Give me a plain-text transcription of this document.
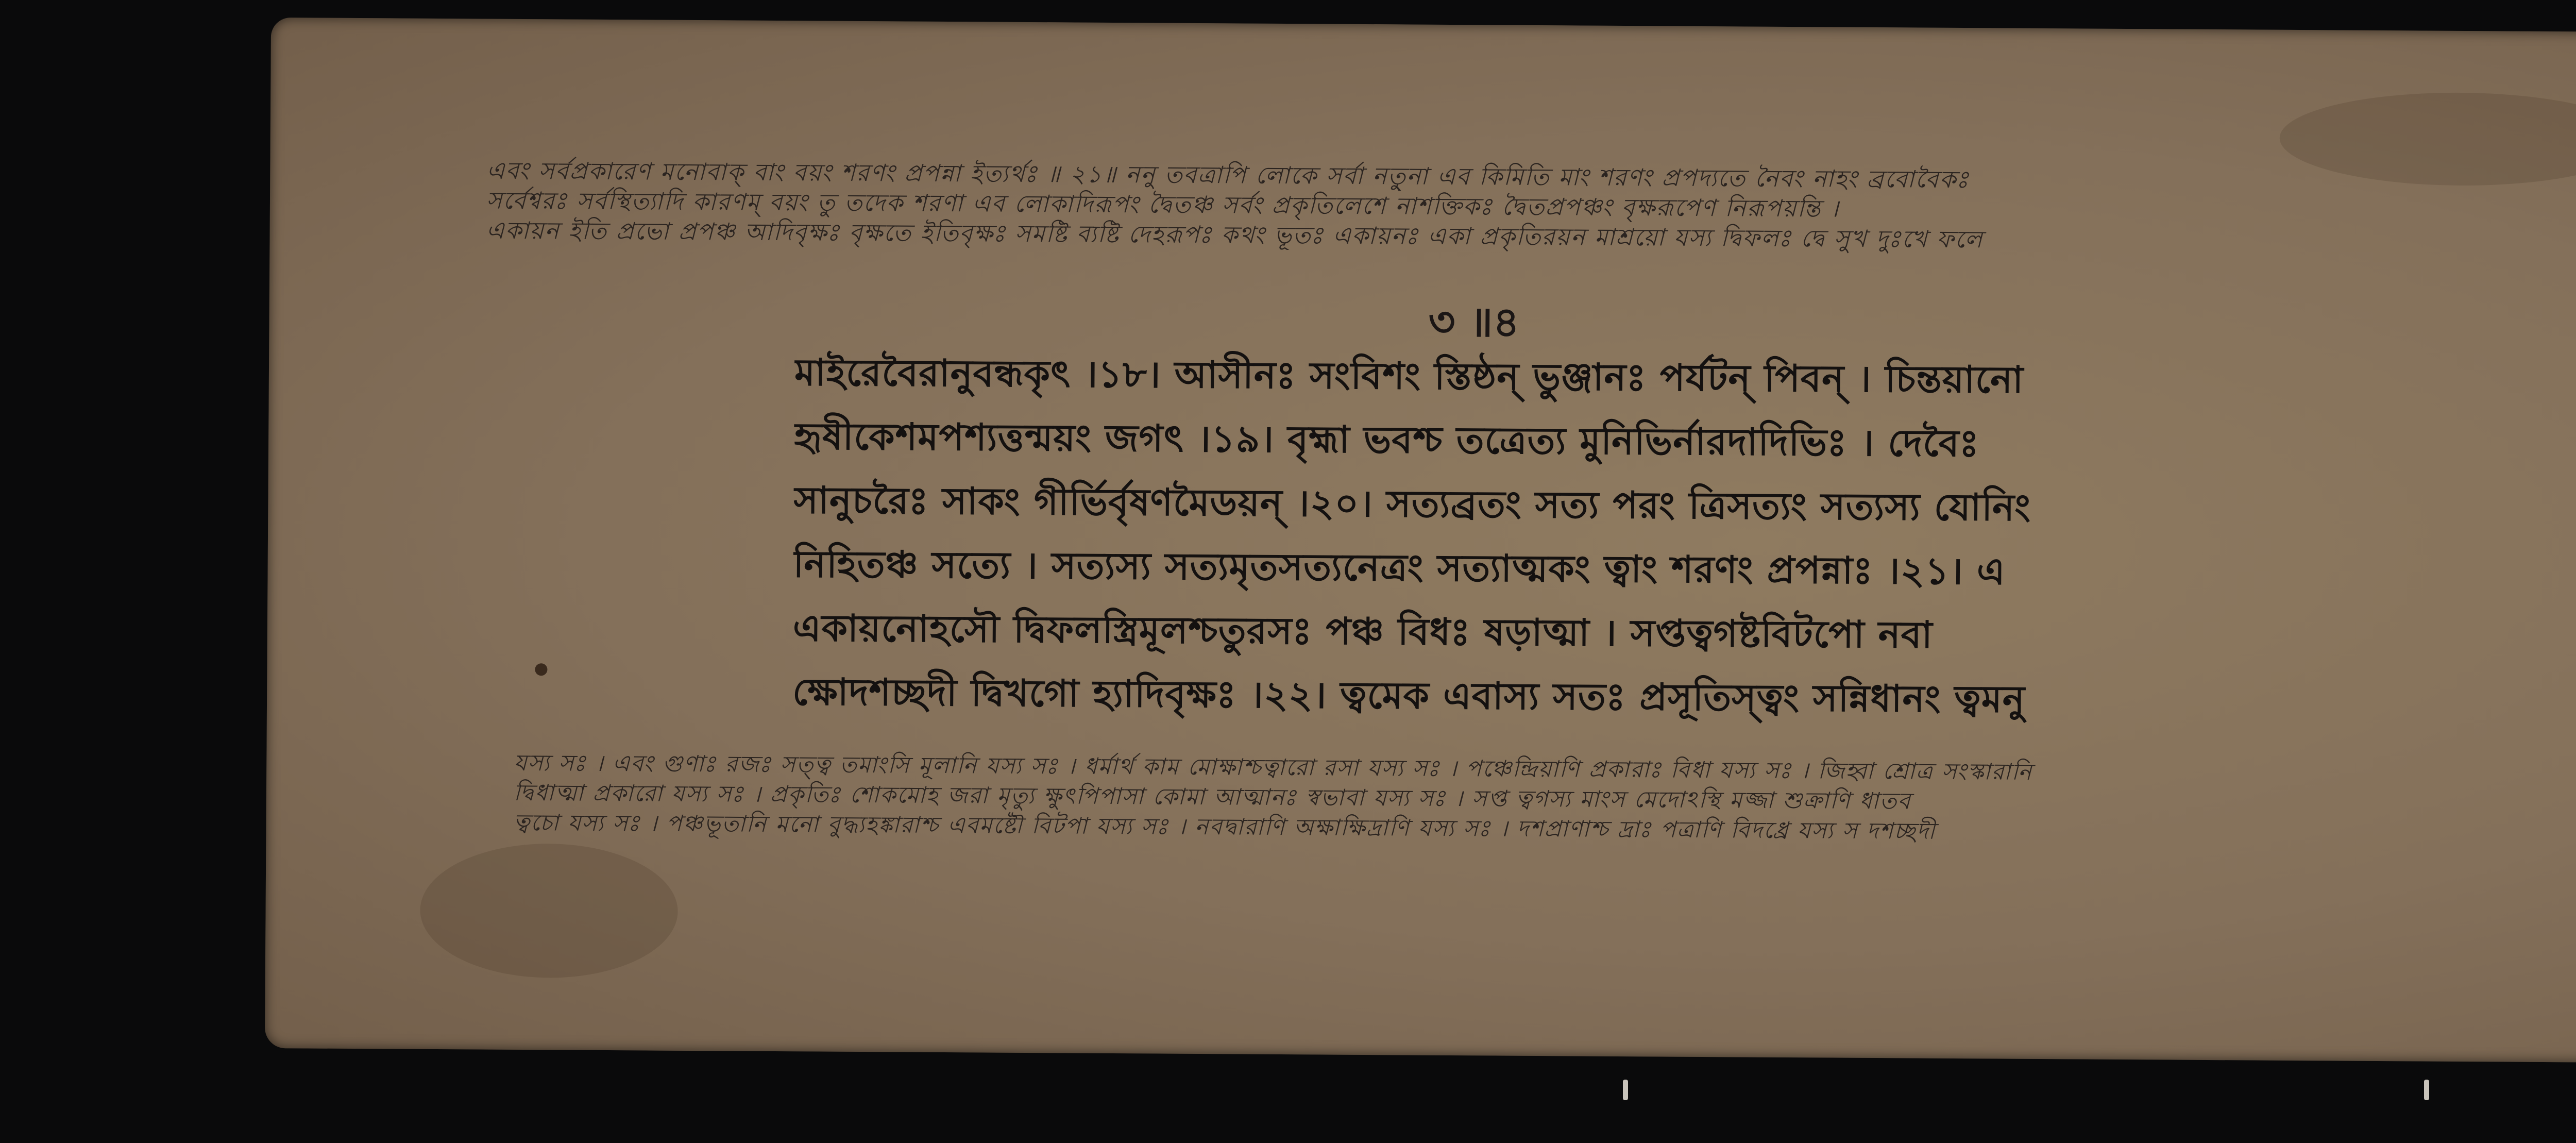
এবং সর্বপ্রকারেণ মনোবাক্‌ বাং বয়ং শরণং প্রপন্না ইত্যর্থঃ ॥ ২১॥ ননু তবত্রাপি লোকে সর্বা নতু্না এব কিমিতি মাং শরণং প্রপদ্যতে নৈবং নাহং ব্রবোবৈকঃ
সর্বেশ্বরঃ সর্বস্থিত্যাদি কারণম্‌ বয়ং তু তদেক শরণা এব লোকাদিরূপং দ্বৈতঞ্চ সর্বং প্রকৃতিলেশে নাশক্তিকঃ দ্বৈতপ্রপঞ্চং বৃক্ষরূপেণ নিরূপয়ন্তি ।
একায়ন ইতি প্রভো প্রপঞ্চ আদিবৃক্ষঃ বৃক্ষতে ইতিবৃক্ষঃ সমষ্টি ব্যষ্টি দেহরূপঃ কথং ভূতঃ একায়নঃ একা প্রকৃতিরয়ন মাশ্রয়ো যস্য দ্বিফলঃ দ্বে সুখ দুঃখে ফলে
৩ ॥৪
মাইরেবৈরানুবন্ধকৃৎ ।১৮। আসীনঃ সংবিশং স্তিষ্ঠন্‌ ভুঞ্জানঃ পর্যটন্‌ পিবন্‌ । চিন্তয়ানো
হৃষীকেশমপশ্যত্তন্ময়ং জগৎ ।১৯। বৃহ্মা ভবশ্চ তত্রেত্য মুনিভির্নারদাদিভিঃ । দেবৈঃ
সানুচরৈঃ সাকং গীর্ভির্বৃষণমৈডয়ন্‌ ।২০। সত্যব্রতং সত্য পরং ত্রিসত্যং সত্যস্য যোনিং
নিহিতঞ্চ সত্যে । সত্যস্য সত্যমৃতসত্যনেত্রং সত্যাত্মকং ত্বাং শরণং প্রপন্নাঃ ।২১। এ
একায়নোহসৌ দ্বিফলস্ত্রিমূলশ্চতুরসঃ পঞ্চ বিধঃ ষড়াত্মা । সপ্তত্বগষ্টবিটপো নবা
ক্ষোদশচ্ছদী দ্বিখগো হ্যাদিবৃক্ষঃ ।২২। ত্বমেক এবাস্য সতঃ প্রসূতিস্ত্বং সন্নিধানং ত্বমনু
যস্য সঃ । এবং গুণাঃ রজঃ সত্ত্ব তমাংসি মূলানি যস্য সঃ । ধর্মার্থ কাম মোক্ষাশ্চত্বারো রসা যস্য সঃ । পঞ্চেন্দ্রিয়াণি প্রকারাঃ বিধা যস্য সঃ । জিহ্বা শ্রোত্র সংস্কারানি
দ্বিধাত্মা প্রকারো যস্য সঃ । প্রকৃতিঃ শোকমোহ জরা মৃত্যু ক্ষুৎপিপাসা কোমা আত্মানঃ স্বভাবা যস্য সঃ । সপ্ত ত্বগস্য মাংস মেদোঽস্থি মজ্জা শুক্রাণি ধাতব
ত্বচো যস্য সঃ । পঞ্চভূতানি মনো বুদ্ধ্যহঙ্কারাশ্চ এবমষ্টৌ বিটপা যস্য সঃ । নবদ্বারাণি অক্ষাক্ষিদ্রাণি যস্য সঃ । দশপ্রাণাশ্চ দ্রাঃ পত্রাণি বিদধ্রে যস্য স দশচ্ছদী
